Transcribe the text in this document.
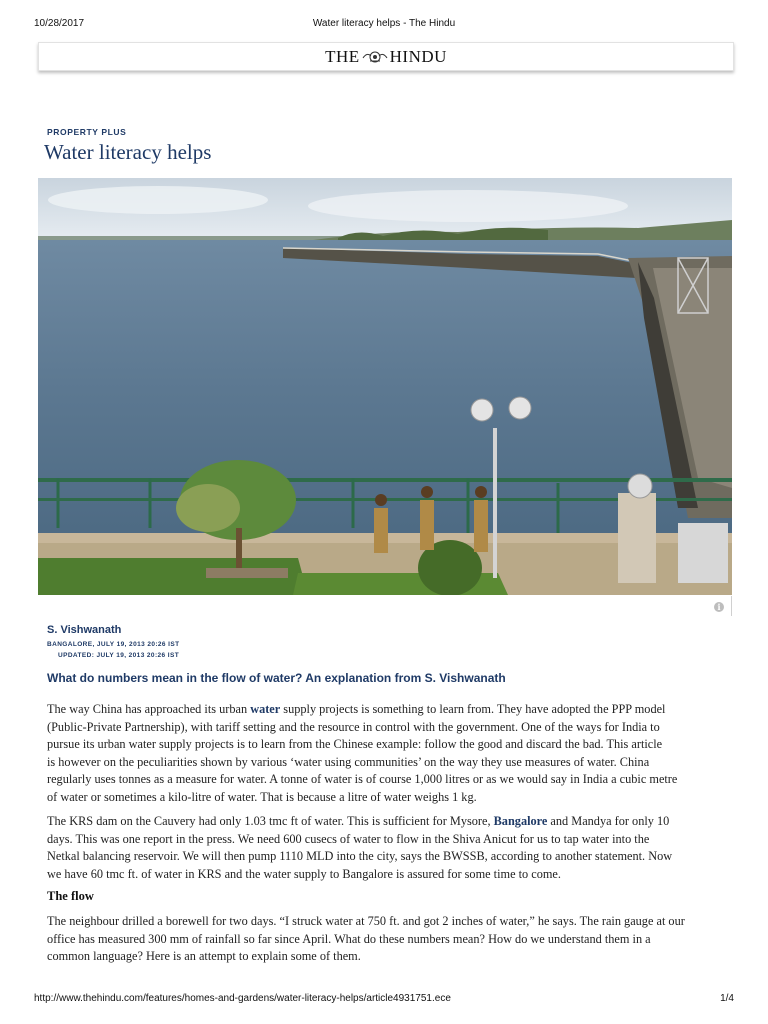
10/28/2017	Water literacy helps - The Hindu
THE HINDU
PROPERTY PLUS
Water literacy helps
i
S. Vishwanath
BANGALORE, JULY 19, 2013 20:26 IST
UPDATED: JULY 19, 2013 20:26 IST
What do numbers mean in the flow of water? An explanation from S. Vishwanath
The way China has approached its urban water supply projects is something to learn from. They have adopted the PPP model
(Public-Private Partnership), with tariff setting and the resource in control with the government. One of the ways for India to
pursue its urban water supply projects is to learn from the Chinese example: follow the good and discard the bad. This article
is however on the peculiarities shown by various ‘water using communities’ on the way they use measures of water. China
regularly uses tonnes as a measure for water. A tonne of water is of course 1,000 litres or as we would say in India a cubic metre
of water or sometimes a kilo-litre of water. That is because a litre of water weighs 1 kg.
The KRS dam on the Cauvery had only 1.03 tmc ft of water. This is sufficient for Mysore, Bangalore and Mandya for only 10
days. This was one report in the press. We need 600 cusecs of water to flow in the Shiva Anicut for us to tap water into the
Netkal balancing reservoir. We will then pump 1110 MLD into the city, says the BWSSB, according to another statement. Now
we have 60 tmc ft. of water in KRS and the water supply to Bangalore is assured for some time to come.
The flow
The neighbour drilled a borewell for two days. “I struck water at 750 ft. and got 2 inches of water,” he says. The rain gauge at our
office has measured 300 mm of rainfall so far since April. What do these numbers mean? How do we understand them in a
common language? Here is an attempt to explain some of them.
http://www.thehindu.com/features/homes-and-gardens/water-literacy-helps/article4931751.ece	1/4
